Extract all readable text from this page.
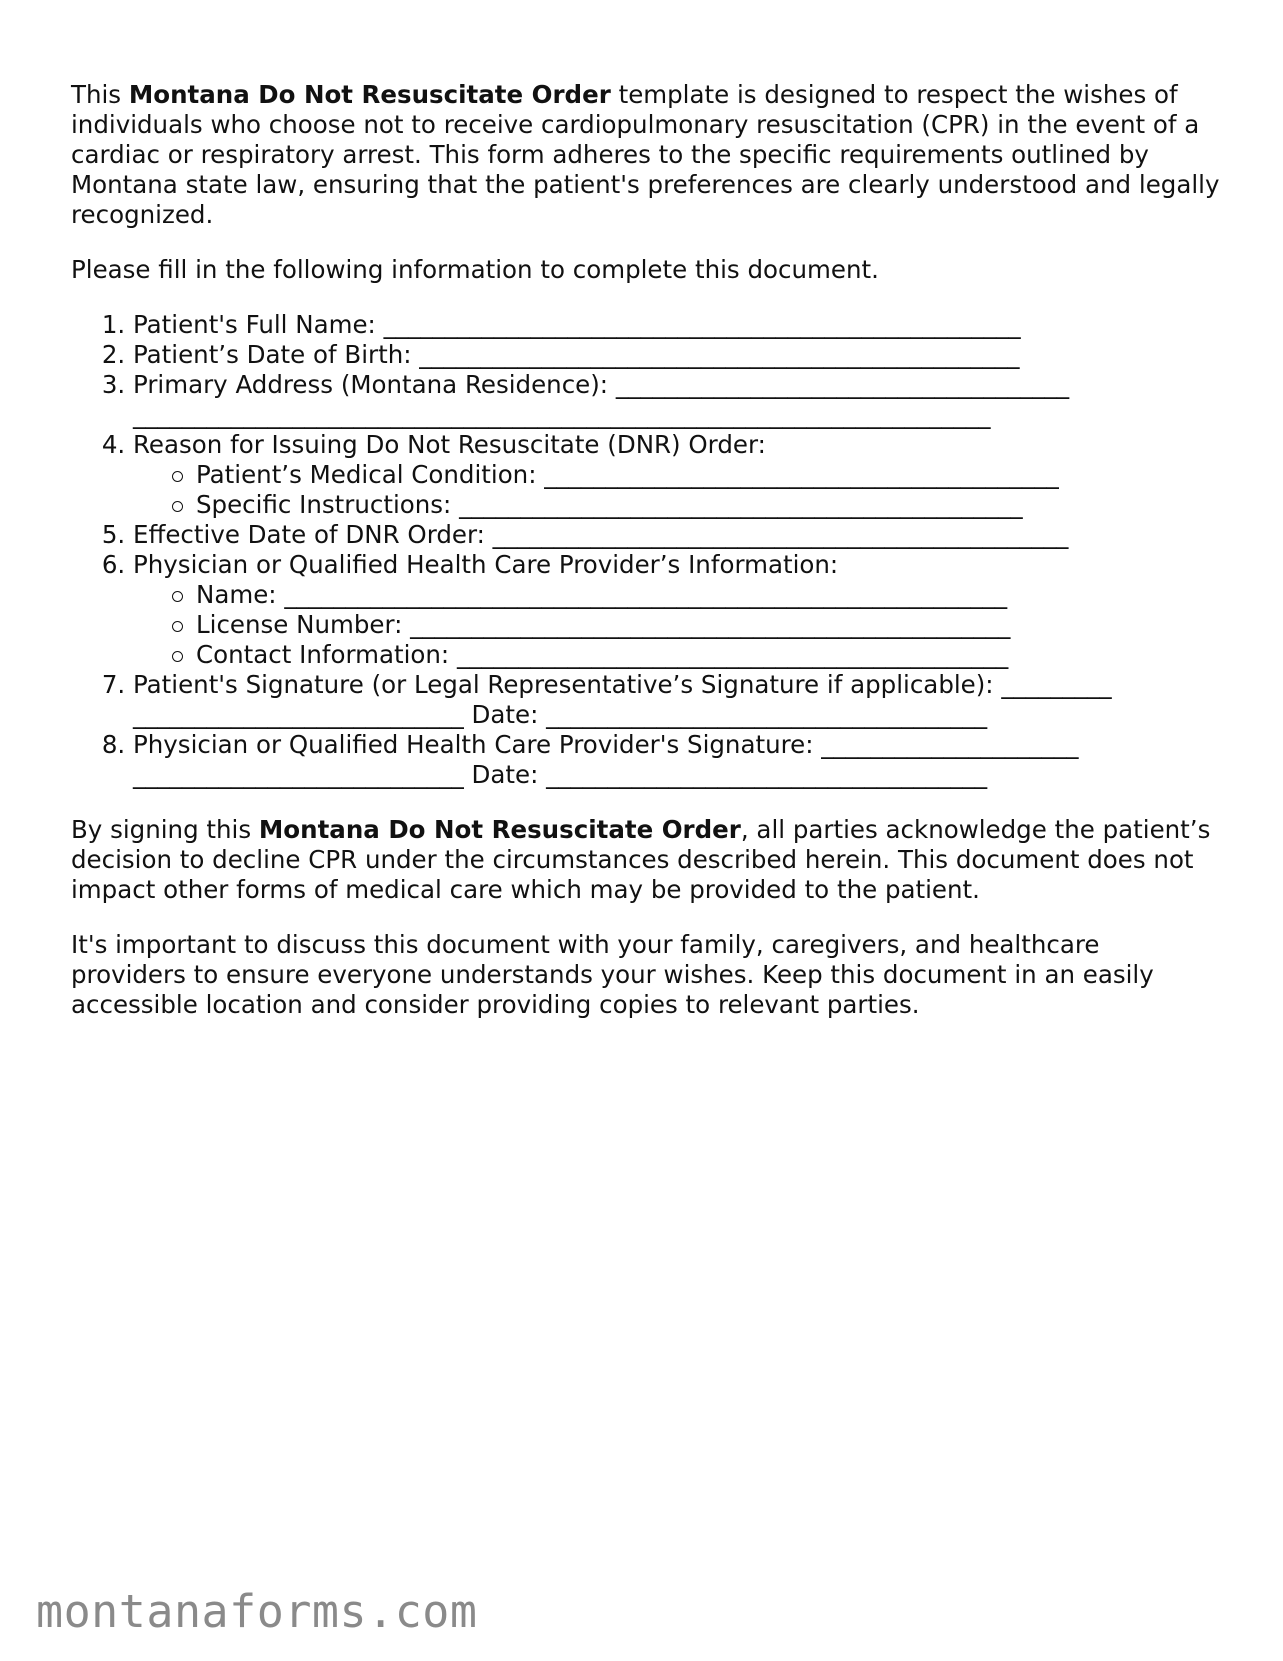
This Montana Do Not Resuscitate Order template is designed to respect the wishes of individuals who choose not to receive cardiopulmonary resuscitation (CPR) in the event of a cardiac or respiratory arrest. This form adheres to the specific requirements outlined by Montana state law, ensuring that the patient's preferences are clearly understood and legally recognized.

Please fill in the following information to complete this document.

1. Patient's Full Name: ____________________________________________________
2. Patient’s Date of Birth: _________________________________________________
3. Primary Address (Montana Residence): _____________________________________
______________________________________________________________________
4. Reason for Issuing Do Not Resuscitate (DNR) Order:
Patient’s Medical Condition: __________________________________________
Specific Instructions: ______________________________________________
5. Effective Date of DNR Order: _______________________________________________
6. Physician or Qualified Health Care Provider’s Information:
Name: ___________________________________________________________
License Number: _________________________________________________
Contact Information: _____________________________________________
7. Patient's Signature (or Legal Representative’s Signature if applicable): _________
___________________________ Date: ____________________________________
8. Physician or Qualified Health Care Provider's Signature: _____________________
___________________________ Date: ____________________________________

By signing this Montana Do Not Resuscitate Order, all parties acknowledge the patient’s decision to decline CPR under the circumstances described herein. This document does not impact other forms of medical care which may be provided to the patient.

It's important to discuss this document with your family, caregivers, and healthcare providers to ensure everyone understands your wishes. Keep this document in an easily accessible location and consider providing copies to relevant parties.

montanaforms.com
